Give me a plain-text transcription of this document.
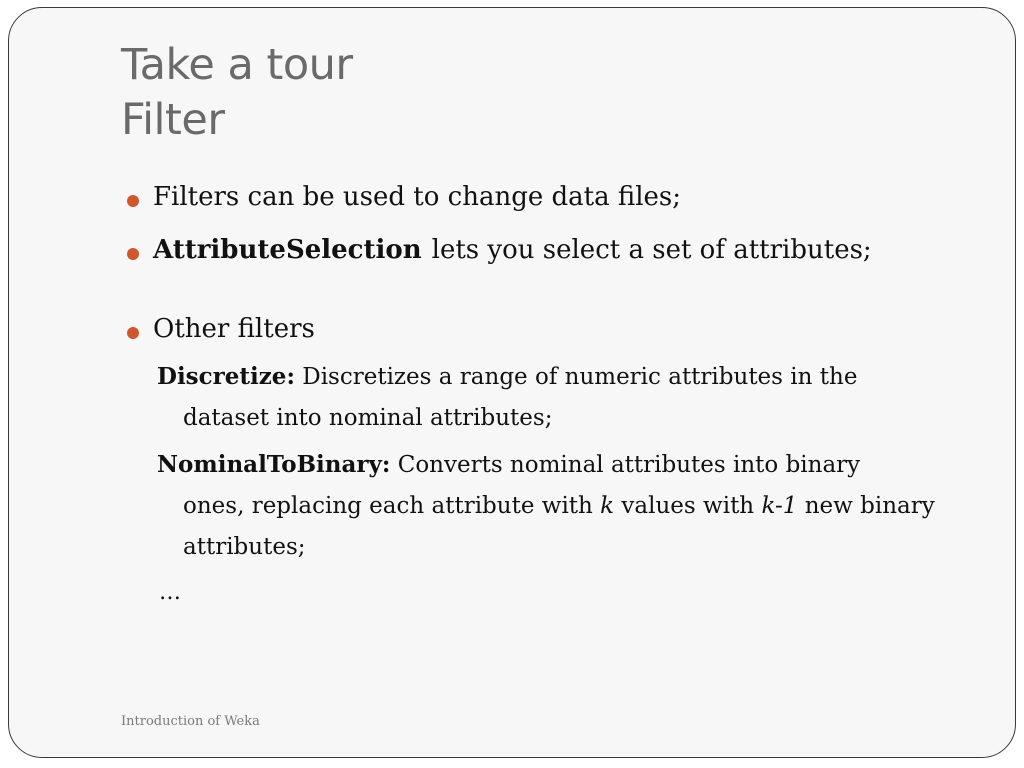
Take a tour
Filter
Filters can be used to change data files;
AttributeSelection lets you select a set of attributes;
Other filters
Discretize: Discretizes a range of numeric attributes in the
dataset into nominal attributes;
NominalToBinary: Converts nominal attributes into binary
ones, replacing each attribute with k values with k-1 new binary
attributes;
…
Introduction of Weka
